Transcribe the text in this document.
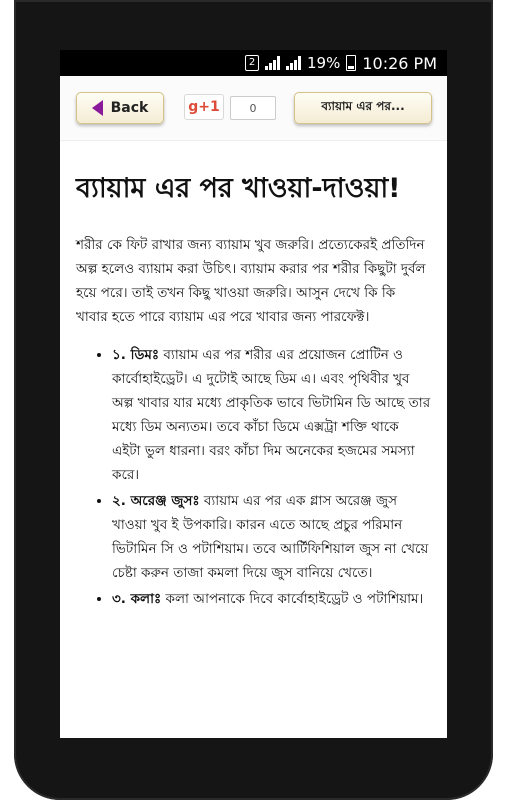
2	19% 10:26 PM
Back	g+1	0	ব্যায়াম এর পর...
ব্যায়াম এর পর খাওয়া-দাওয়া!

শরীর কে ফিট রাখার জন্য ব্যায়াম খুব জরুরি। প্রত্যেকেরই প্রতিদিন অল্প হলেও ব্যায়াম করা উচিৎ। ব্যায়াম করার পর শরীর কিছুটা দুর্বল হয়ে পরে। তাই তখন কিছু খাওয়া জরুরি। আসুন দেখে কি কি খাবার হতে পারে ব্যায়াম এর পরে খাবার জন্য পারফেক্ট।

• ১. ডিমঃ ব্যায়াম এর পর শরীর এর প্রয়োজন প্রোটিন ও কার্বোহাইড্রেট। এ দুটোই আছে ডিম এ। এবং পৃথিবীর খুব অল্প খাবার যার মধ্যে প্রাকৃতিক ভাবে ভিটামিন ডি আছে তার মধ্যে ডিম অন্যতম। তবে কাঁচা ডিমে এক্সট্রা শক্তি থাকে এইটা ভুল ধারনা। বরং কাঁচা দিম অনেকের হজমের সমস্যা করে।
• ২. অরেঞ্জ জুসঃ ব্যায়াম এর পর এক গ্লাস অরেঞ্জ জুস খাওয়া খুব ই উপকারি। কারন এতে আছে প্রচুর পরিমান ভিটামিন সি ও পটাশিয়াম। তবে আর্টিফিশিয়াল জুস না খেয়ে চেষ্টা করুন তাজা কমলা দিয়ে জুস বানিয়ে খেতে।
• ৩. কলাঃ কলা আপনাকে দিবে কার্বোহাইড্রেট ও পটাশিয়াম।
